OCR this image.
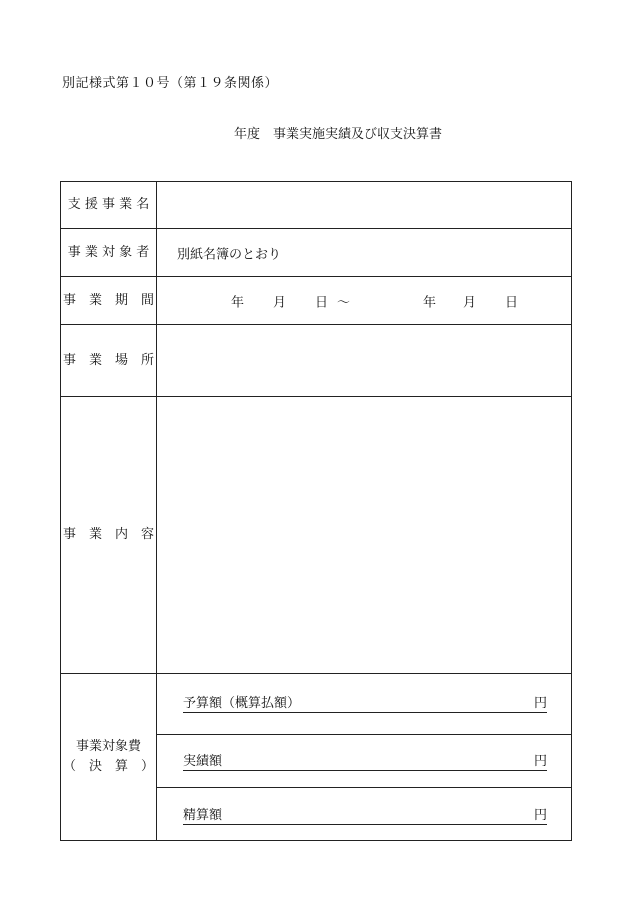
別記様式第１０号（第１９条関係）
年度　事業実施実績及び収支決算書
支 援 事 業 名
事 業 対 象 者	別紙名簿のとおり
事　業　期　間	年 月 日 ～	年 月 日
事　業　場　所
事　業　内　容
事業対象費
（　決　算　）
予算額（概算払額）	円
実績額	円
精算額	円
